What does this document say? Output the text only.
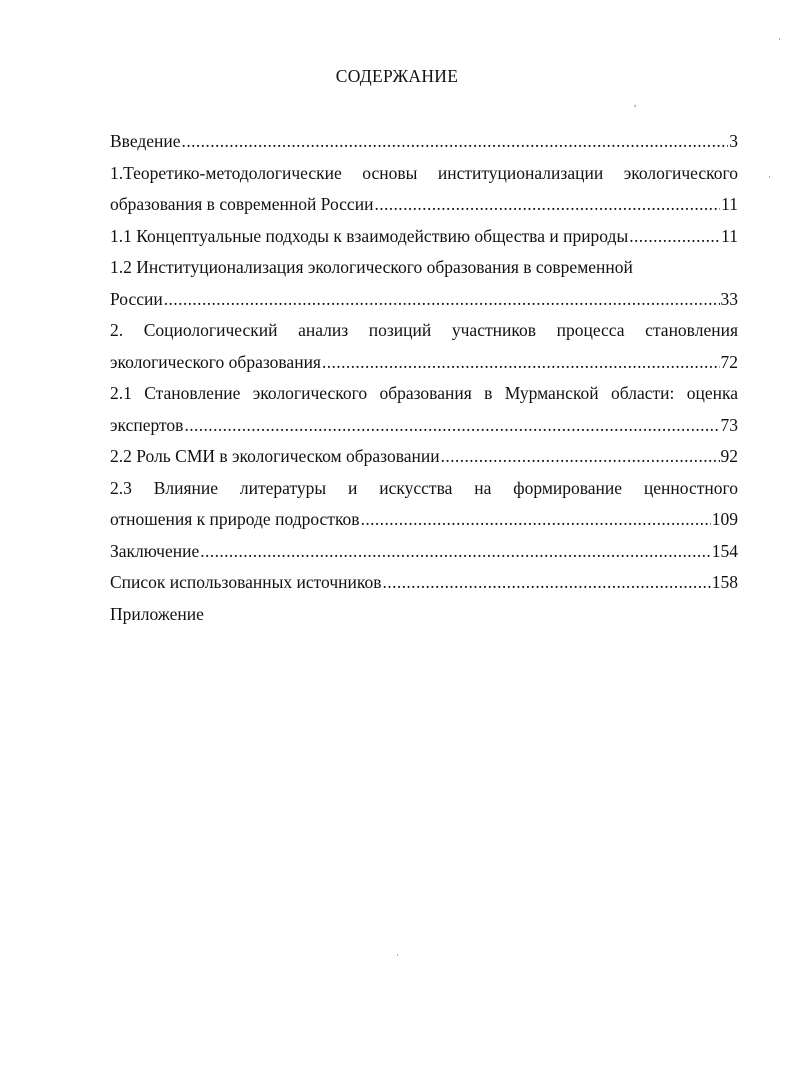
СОДЕРЖАНИЕ
Введение .....	3
1.Теоретико-методологические основы институционализации экологического
образования в современной России .....	11
1.1 Концептуальные подходы к взаимодействию общества и природы .....	11
1.2 Институционализация экологического образования в современной
России .....	33
2. Социологический анализ позиций участников процесса становления
экологического образования .....	72
2.1 Становление экологического образования в Мурманской области: оценка
экспертов .....	73
2.2 Роль СМИ в экологическом образовании .....	92
2.3 Влияние литературы и искусства на формирование ценностного
отношения к природе подростков .....	109
Заключение .....	154
Список использованных источников .....	158
Приложение
,
·
·
·
